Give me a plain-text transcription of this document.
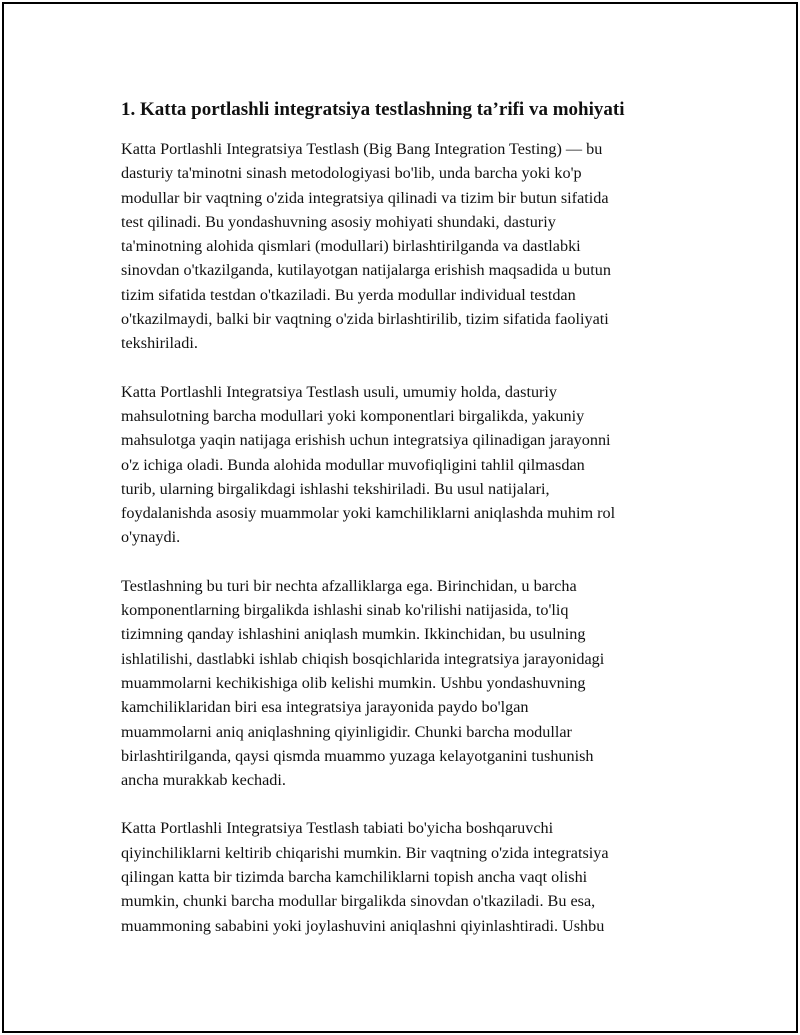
1. Katta portlashli integratsiya testlashning ta’rifi va mohiyati

Katta Portlashli Integratsiya Testlash (Big Bang Integration Testing) — bu
dasturiy ta'minotni sinash metodologiyasi bo'lib, unda barcha yoki ko'p
modullar bir vaqtning o'zida integratsiya qilinadi va tizim bir butun sifatida
test qilinadi. Bu yondashuvning asosiy mohiyati shundaki, dasturiy
ta'minotning alohida qismlari (modullari) birlashtirilganda va dastlabki
sinovdan o'tkazilganda, kutilayotgan natijalarga erishish maqsadida u butun
tizim sifatida testdan o'tkaziladi. Bu yerda modullar individual testdan
o'tkazilmaydi, balki bir vaqtning o'zida birlashtirilib, tizim sifatida faoliyati
tekshiriladi.

Katta Portlashli Integratsiya Testlash usuli, umumiy holda, dasturiy
mahsulotning barcha modullari yoki komponentlari birgalikda, yakuniy
mahsulotga yaqin natijaga erishish uchun integratsiya qilinadigan jarayonni
o'z ichiga oladi. Bunda alohida modullar muvofiqligini tahlil qilmasdan
turib, ularning birgalikdagi ishlashi tekshiriladi. Bu usul natijalari,
foydalanishda asosiy muammolar yoki kamchiliklarni aniqlashda muhim rol
o'ynaydi.

Testlashning bu turi bir nechta afzalliklarga ega. Birinchidan, u barcha
komponentlarning birgalikda ishlashi sinab ko'rilishi natijasida, to'liq
tizimning qanday ishlashini aniqlash mumkin. Ikkinchidan, bu usulning
ishlatilishi, dastlabki ishlab chiqish bosqichlarida integratsiya jarayonidagi
muammolarni kechikishiga olib kelishi mumkin. Ushbu yondashuvning
kamchiliklaridan biri esa integratsiya jarayonida paydo bo'lgan
muammolarni aniq aniqlashning qiyinligidir. Chunki barcha modullar
birlashtirilganda, qaysi qismda muammo yuzaga kelayotganini tushunish
ancha murakkab kechadi.

Katta Portlashli Integratsiya Testlash tabiati bo'yicha boshqaruvchi
qiyinchiliklarni keltirib chiqarishi mumkin. Bir vaqtning o'zida integratsiya
qilingan katta bir tizimda barcha kamchiliklarni topish ancha vaqt olishi
mumkin, chunki barcha modullar birgalikda sinovdan o'tkaziladi. Bu esa,
muammoning sababini yoki joylashuvini aniqlashni qiyinlashtiradi. Ushbu
